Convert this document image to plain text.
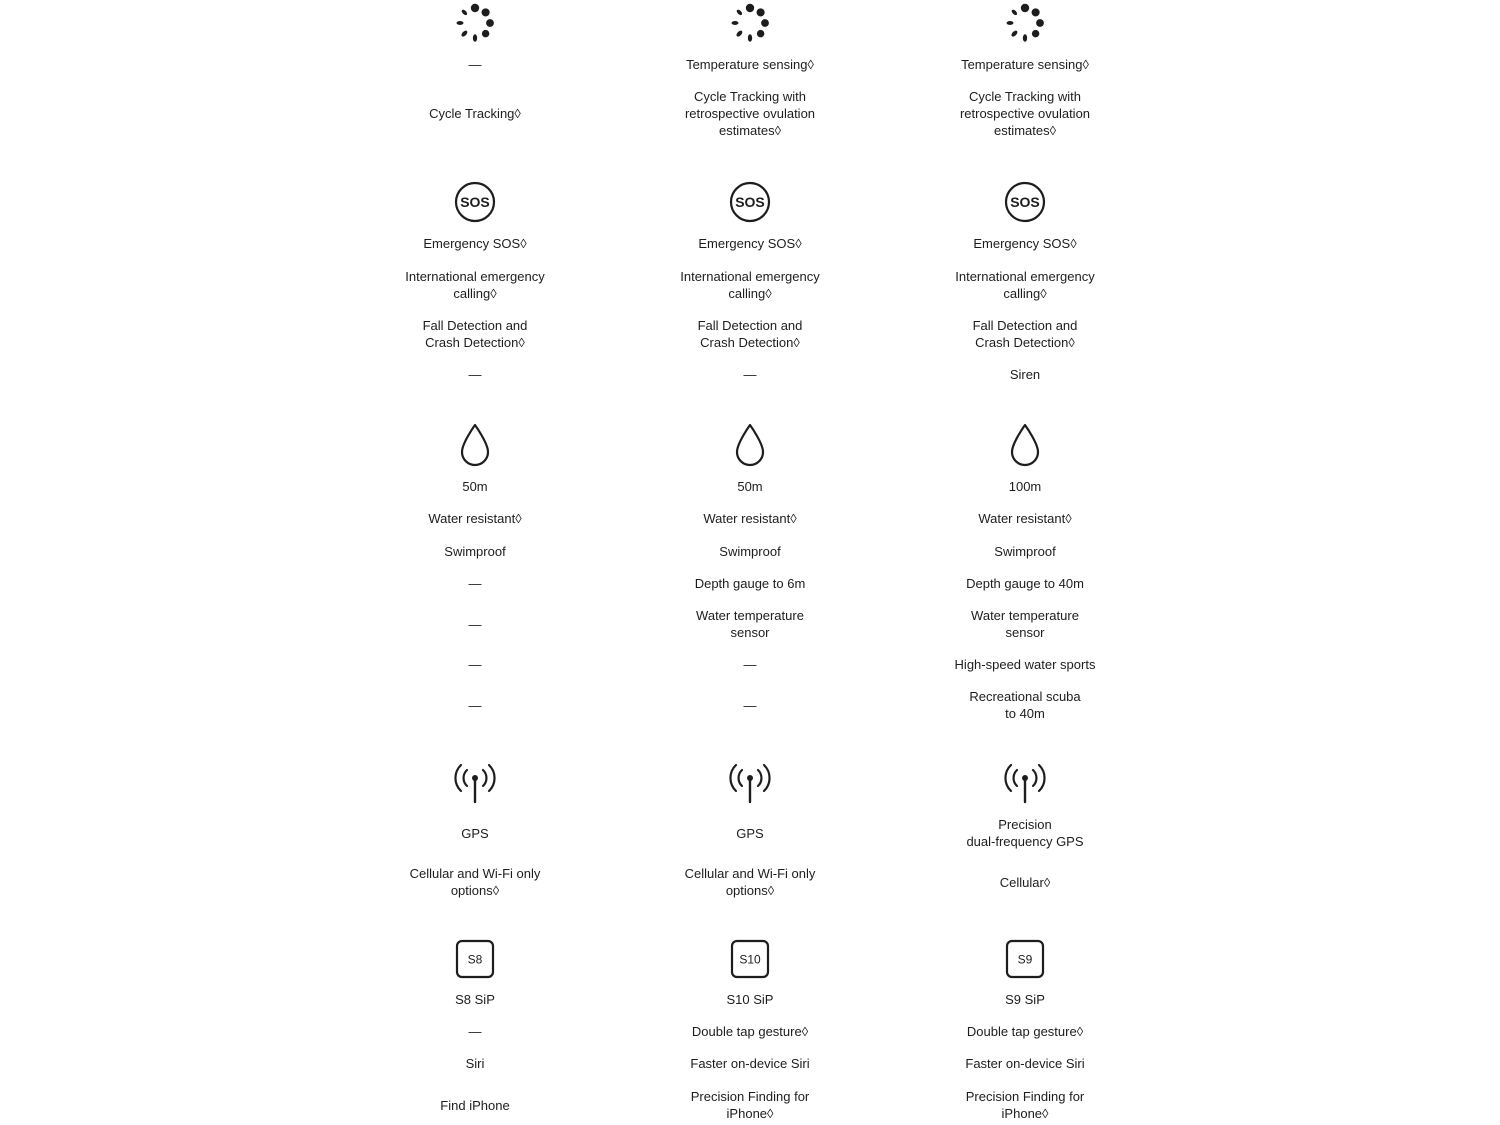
—
Cycle Tracking◊
Emergency SOS◊
International emergency
calling◊
Fall Detection and
Crash Detection◊
—
50m
Water resistant◊
Swimproof
—
—
—
—
GPS
Cellular and Wi-Fi only
options◊
S8 SiP
—
Siri
Find iPhone
SOS
S8
Temperature sensing◊
Cycle Tracking with
retrospective ovulation
estimates◊
Emergency SOS◊
International emergency
calling◊
Fall Detection and
Crash Detection◊
—
50m
Water resistant◊
Swimproof
Depth gauge to 6m
Water temperature
sensor
—
—
GPS
Cellular and Wi-Fi only
options◊
S10 SiP
Double tap gesture◊
Faster on-device Siri
Precision Finding for
iPhone◊
SOS
S10
Temperature sensing◊
Cycle Tracking with
retrospective ovulation
estimates◊
Emergency SOS◊
International emergency
calling◊
Fall Detection and
Crash Detection◊
Siren
100m
Water resistant◊
Swimproof
Depth gauge to 40m
Water temperature
sensor
High-speed water sports
Recreational scuba
to 40m
Precision
dual-frequency GPS
Cellular◊
S9 SiP
Double tap gesture◊
Faster on-device Siri
Precision Finding for
iPhone◊
SOS
S9
